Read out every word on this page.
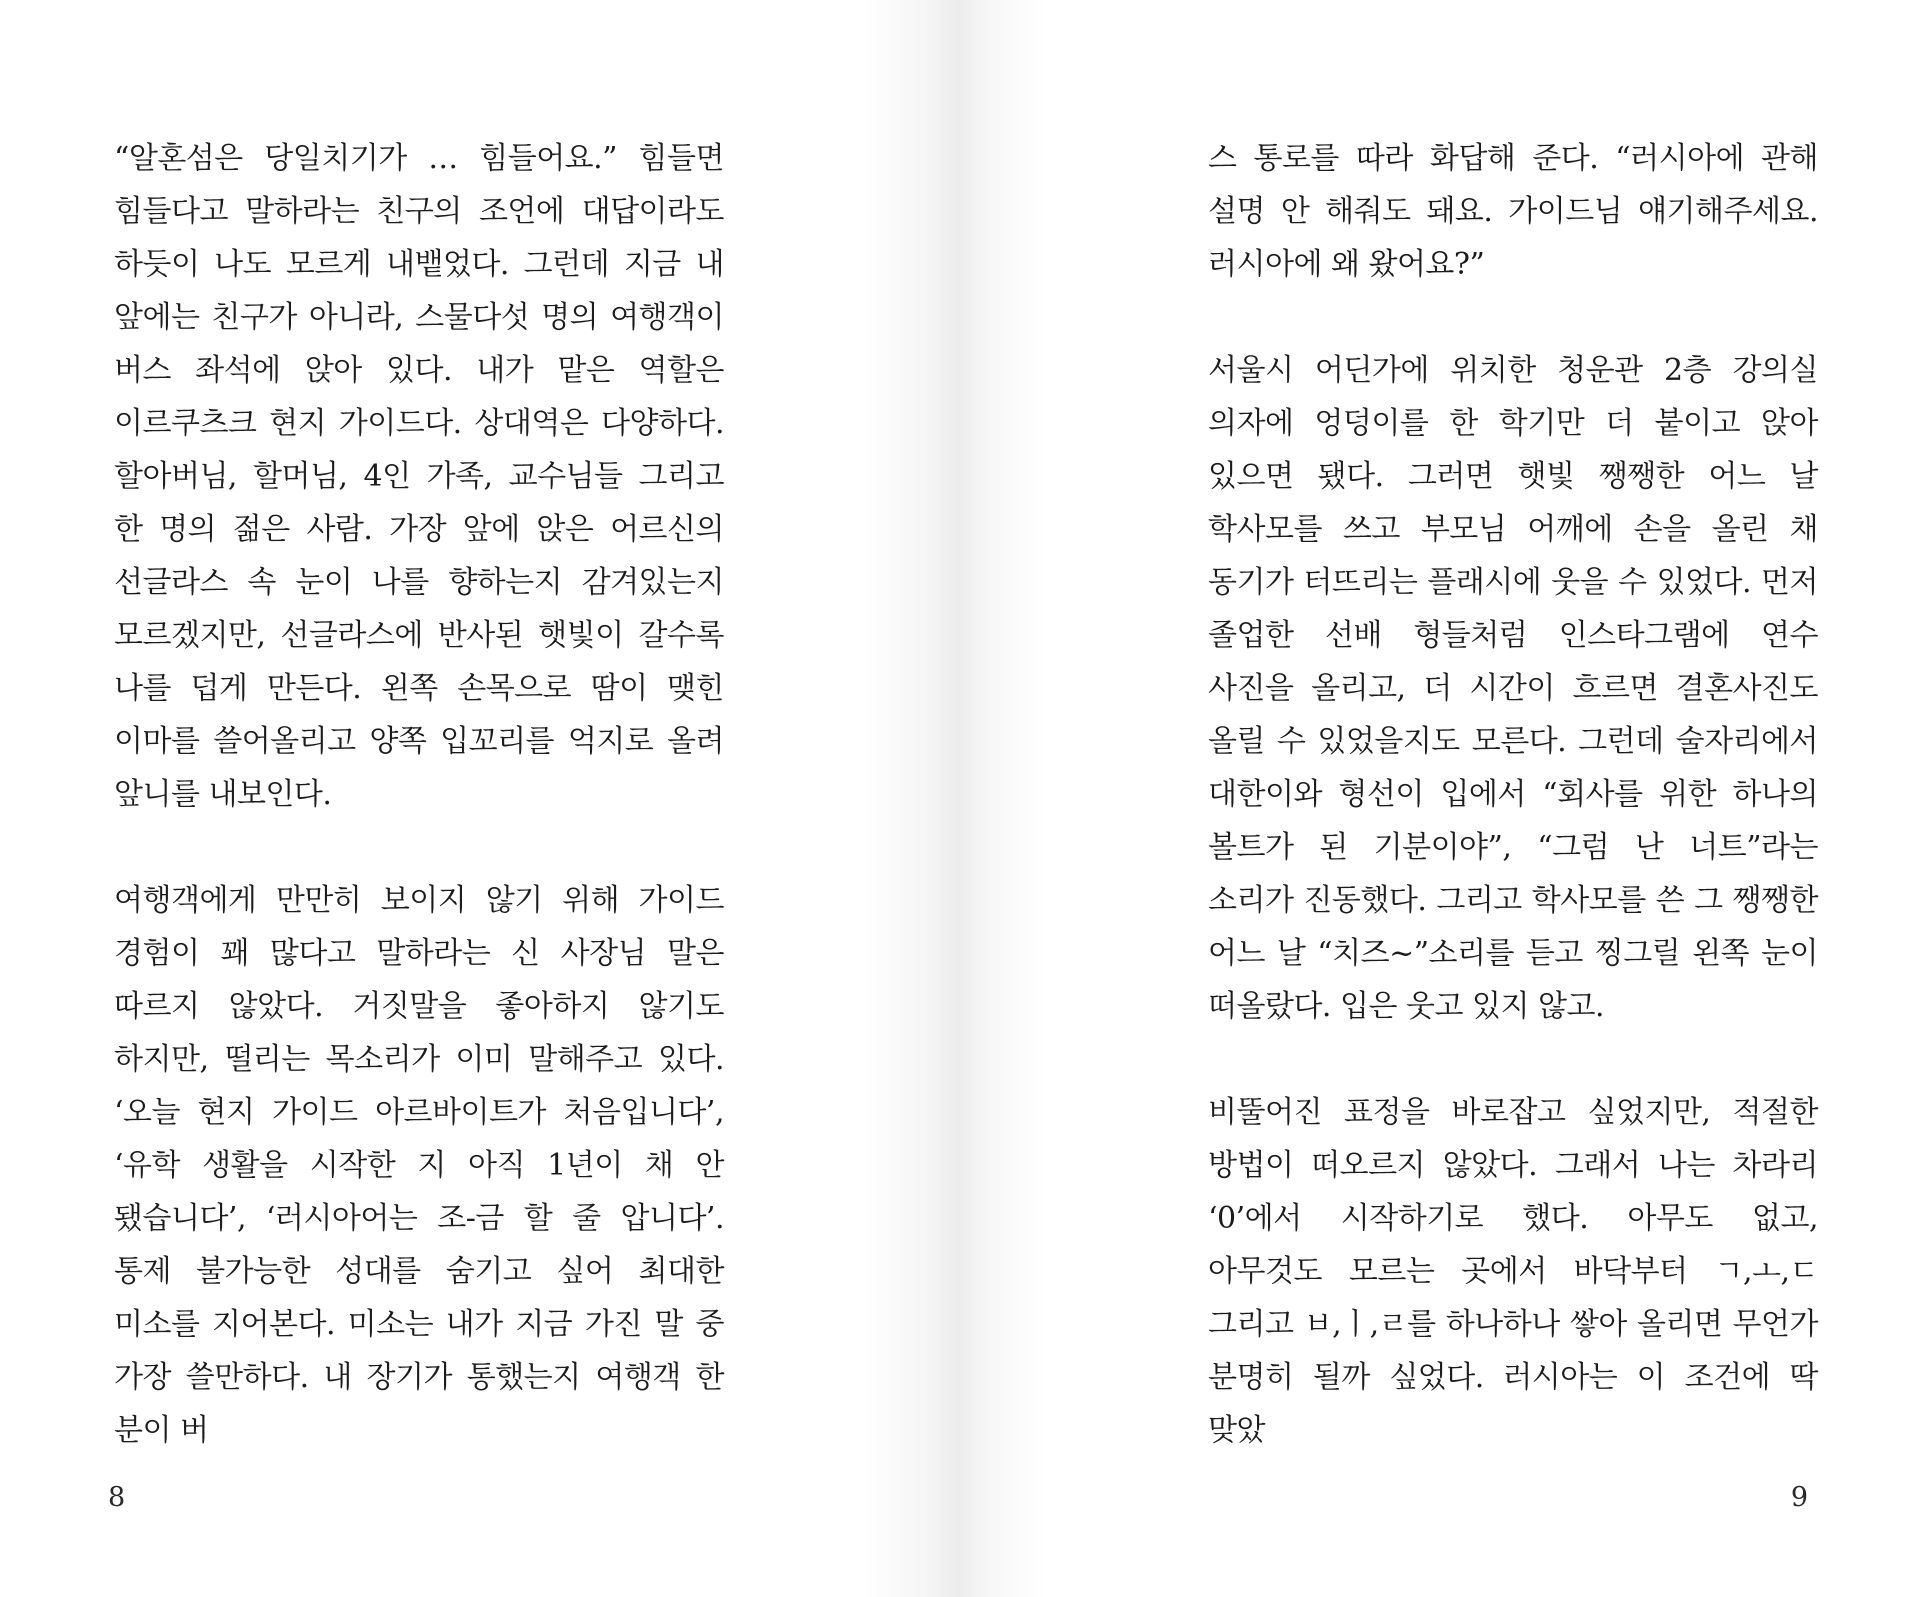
“알혼섬은 당일치기가 … 힘들어요.” 힘들면 힘들다고 말하라는 친구의 조언에 대답이라도 하듯이 나도 모르게 내뱉었다. 그런데 지금 내 앞에는 친구가 아니라, 스물다섯 명의 여행객이 버스 좌석에 앉아 있다. 내가 맡은 역할은 이르쿠츠크 현지 가이드다. 상대역은 다양하다. 할아버님, 할머님, 4인 가족, 교수님들 그리고 한 명의 젊은 사람. 가장 앞에 앉은 어르신의 선글라스 속 눈이 나를 향하는지 감겨있는지 모르겠지만, 선글라스에 반사된 햇빛이 갈수록 나를 덥게 만든다. 왼쪽 손목으로 땀이 맺힌 이마를 쓸어올리고 양쪽 입꼬리를 억지로 올려 앞니를 내보인다.

여행객에게 만만히 보이지 않기 위해 가이드 경험이 꽤 많다고 말하라는 신 사장님 말은 따르지 않았다. 거짓말을 좋아하지 않기도 하지만, 떨리는 목소리가 이미 말해주고 있다. ‘오늘 현지 가이드 아르바이트가 처음입니다’, ‘유학 생활을 시작한 지 아직 1년이 채 안 됐습니다’, ‘러시아어는 조-금 할 줄 압니다’. 통제 불가능한 성대를 숨기고 싶어 최대한 미소를 지어본다. 미소는 내가 지금 가진 말 중 가장 쓸만하다. 내 장기가 통했는지 여행객 한 분이 버

8

스 통로를 따라 화답해 준다. “러시아에 관해 설명 안 해줘도 돼요. 가이드님 얘기해주세요. 러시아에 왜 왔어요?”

서울시 어딘가에 위치한 청운관 2층 강의실 의자에 엉덩이를 한 학기만 더 붙이고 앉아 있으면 됐다. 그러면 햇빛 쨍쨍한 어느 날 학사모를 쓰고 부모님 어깨에 손을 올린 채 동기가 터뜨리는 플래시에 웃을 수 있었다. 먼저 졸업한 선배 형들처럼 인스타그램에 연수 사진을 올리고, 더 시간이 흐르면 결혼사진도 올릴 수 있었을지도 모른다. 그런데 술자리에서 대한이와 형선이 입에서 “회사를 위한 하나의 볼트가 된 기분이야”, “그럼 난 너트”라는 소리가 진동했다. 그리고 학사모를 쓴 그 쨍쨍한 어느 날 “치즈~”소리를 듣고 찡그릴 왼쪽 눈이 떠올랐다. 입은 웃고 있지 않고.

비뚤어진 표정을 바로잡고 싶었지만, 적절한 방법이 떠오르지 않았다. 그래서 나는 차라리 ‘0’에서 시작하기로 했다. 아무도 없고, 아무것도 모르는 곳에서 바닥부터 ㄱ,ㅗ,ㄷ 그리고 ㅂ,ㅣ,ㄹ를 하나하나 쌓아 올리면 무언가 분명히 될까 싶었다. 러시아는 이 조건에 딱 맞았

9
